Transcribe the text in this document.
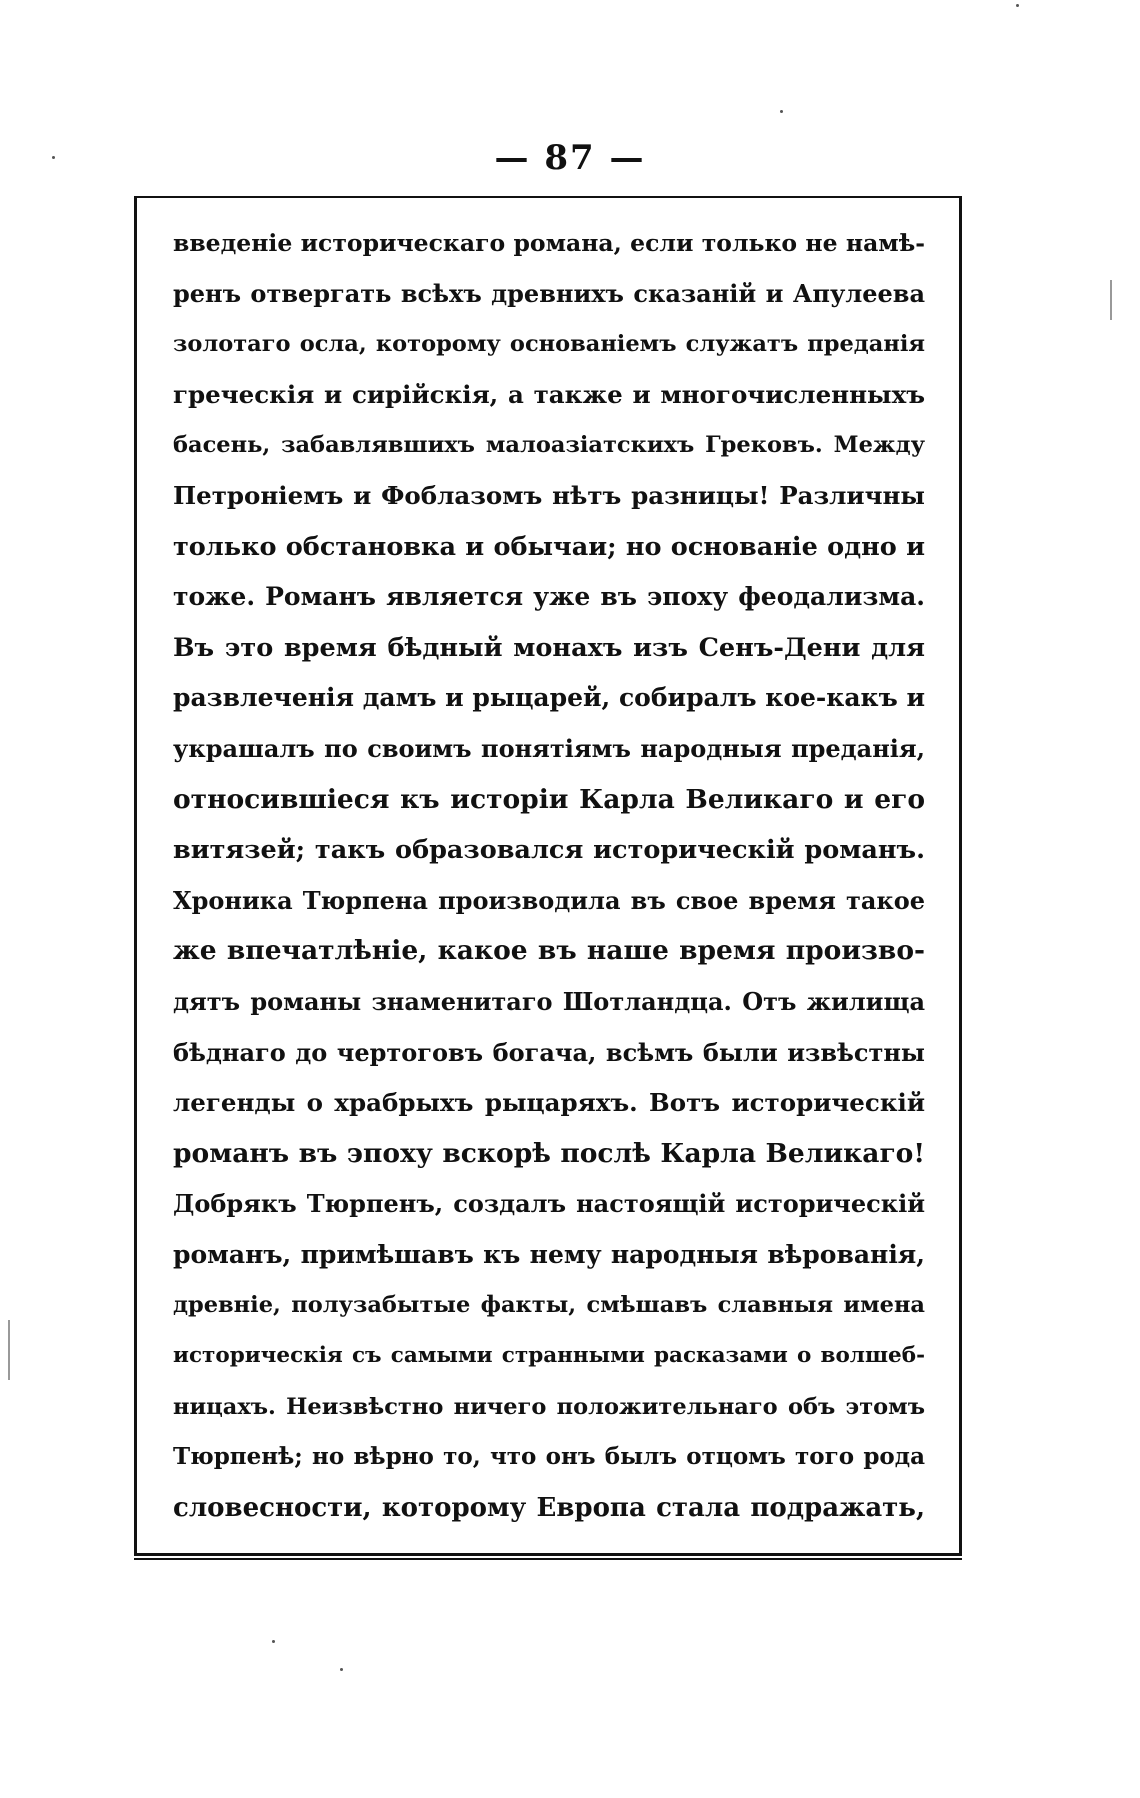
— 87 —
введеніе историческаго романа, если только не намѣ-
ренъ отвергать всѣхъ древнихъ сказаній и Апулеева
золотаго осла, которому основаніемъ служатъ преданія
греческія и сирійскія, а также и многочисленныхъ
басень, забавлявшихъ малоазіатскихъ Грековъ. Между
Петроніемъ и Фоблазомъ нѣтъ разницы! Различны
только обстановка и обычаи; но основаніе одно и
тоже. Романъ является уже въ эпоху феодализма.
Въ это время бѣдный монахъ изъ Сенъ-Дени для
развлеченія дамъ и рыцарей, собиралъ кое-какъ и
украшалъ по своимъ понятіямъ народныя преданія,
относившіеся къ исторіи Карла Великаго и его
витязей; такъ образовался историческій романъ.
Хроника Тюрпена производила въ свое время такое
же впечатлѣніе, какое въ наше время произво-
дятъ романы знаменитаго Шотландца. Отъ жилища
бѣднаго до чертоговъ богача, всѣмъ были извѣстны
легенды о храбрыхъ рыцаряхъ. Вотъ историческій
романъ въ эпоху вскорѣ послѣ Карла Великаго!
Добрякъ Тюрпенъ, создалъ настоящій историческій
романъ, примѣшавъ къ нему народныя вѣрованія,
древніе, полузабытые факты, смѣшавъ славныя имена
историческія съ самыми странными расказами о волшеб-
ницахъ. Неизвѣстно ничего положительнаго объ этомъ
Тюрпенѣ; но вѣрно то, что онъ былъ отцомъ того рода
словесности, которому Европа стала подражать,
